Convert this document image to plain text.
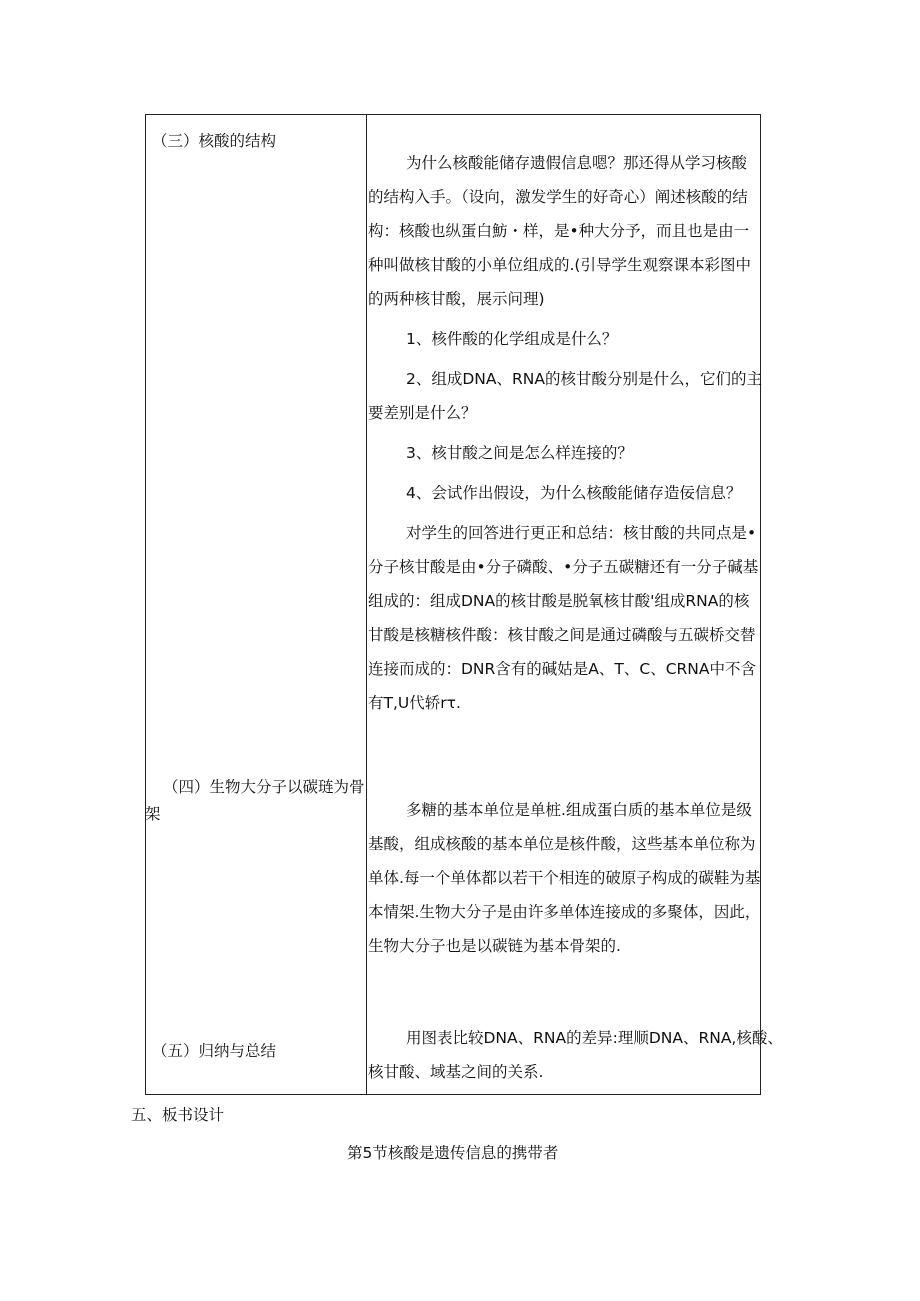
（三）核酸的结构
为什么核酸能储存遗假信息嗯？那还得从学习核酸
的结构入手。（设向，激发学生的好奇心）阐述核酸的结
构：核酸也纵蛋白魴・样，是•种大分予，而且也是由一
种叫做核甘酸的小单位组成的.(引导学生观察课本彩图中
的两种核甘酸，展示问理)
1、核件酸的化学组成是什么？
2、组成DNA、RNA的核甘酸分别是什么，它们的主
要差别是什么？
3、核甘酸之间是怎么样连接的？
4、会试作出假设，为什么核酸能储存造佞信息？
对学生的回答进行更正和总结：核甘酸的共同点是•
分子核甘酸是由•分子磷酸、•分子五碳糖还有一分子碱基
组成的：组成DNA的核甘酸是脱氧核甘酸'组成RNA的核
甘酸是核糖核件酸：核甘酸之间是通过磷酸与五碳桥交替
连接而成的：DNR含有的碱姑是A、T、C、CRNA中不含
有T,U代轿rτ.
（四）生物大分子以碳琏为骨
架	多糖的基本单位是单桩.组成蛋白质的基本单位是级
基酸，组成核酸的基本单位是核件酸，这些基本单位称为
单体.每一个单体都以若干个相连的破原子构成的碳鞋为基
本情架.生物大分子是由许多单体连接成的多聚体，因此，
生物大分子也是以碳链为基本骨架的.
（五）归纳与总结
用图表比较DNA、RNA的差异:理顺DNA、RNA,核酸、
核甘酸、域基之间的关系.
五、板书设计
第5节核酸是遗传信息的携带者
